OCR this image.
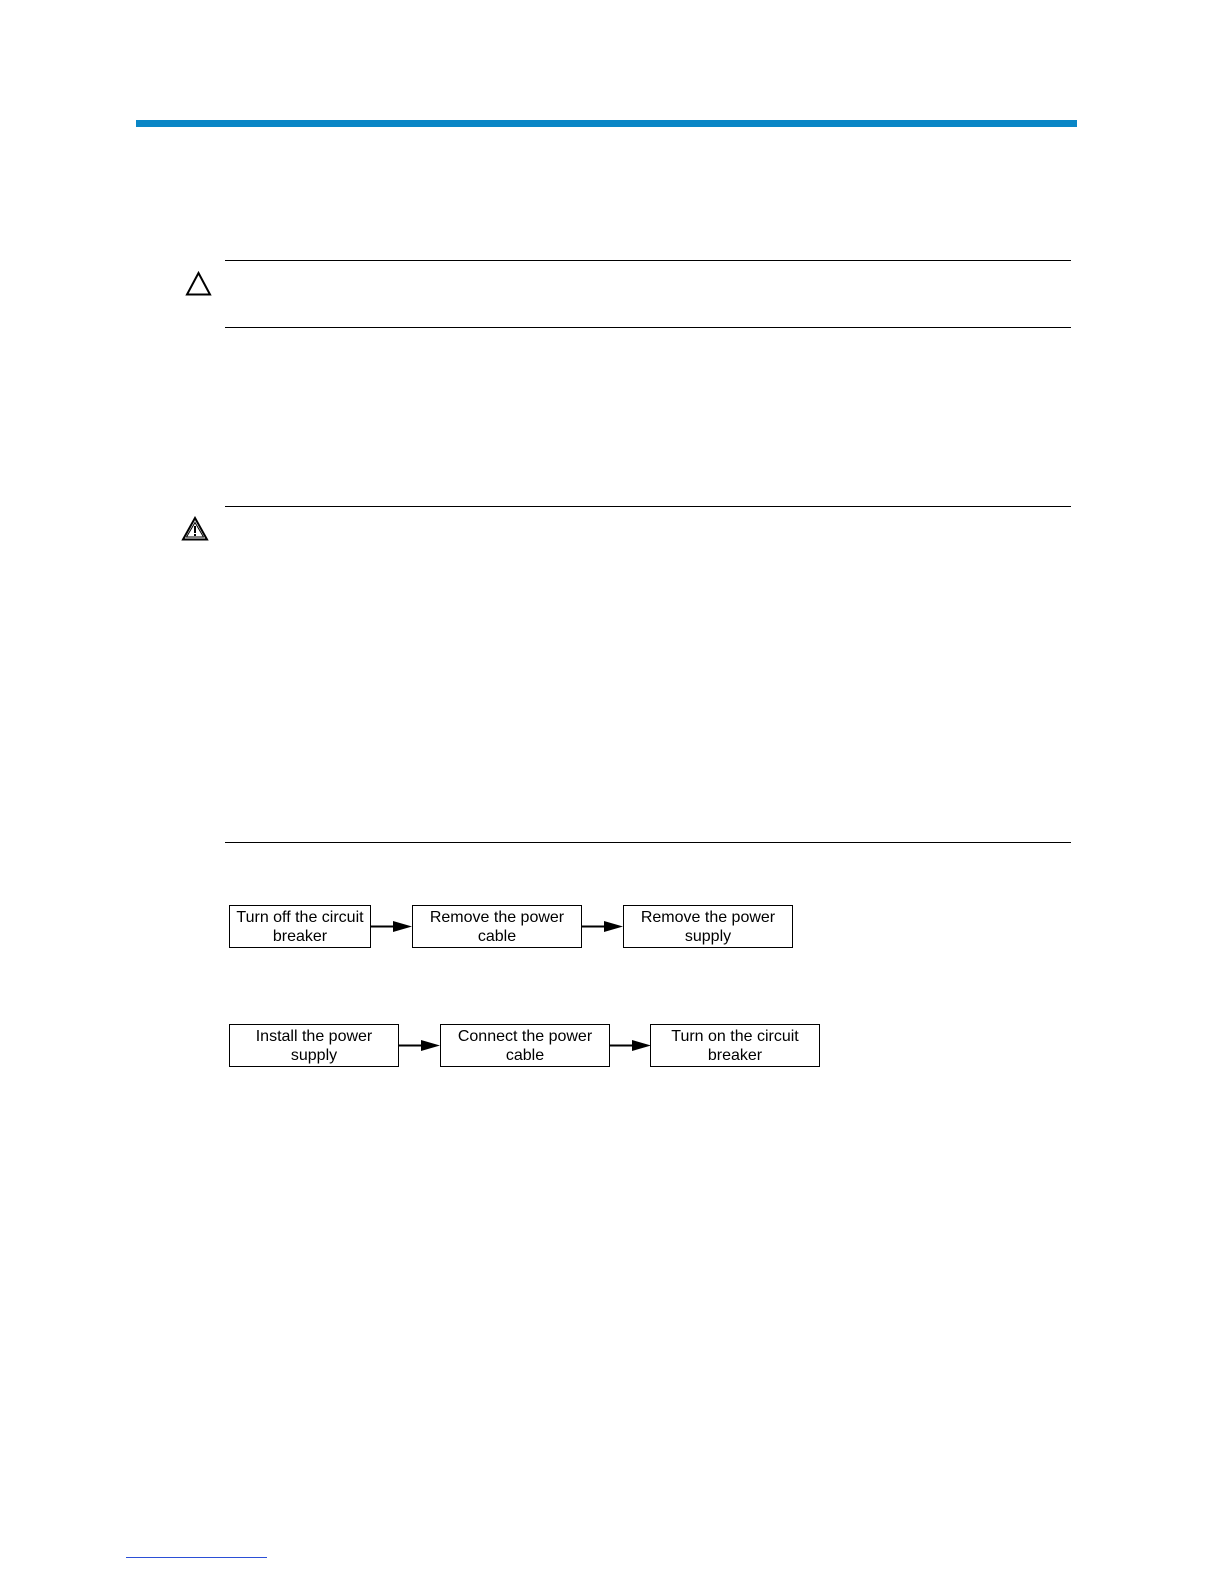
Turn off the circuit breaker
Remove the power cable
Remove the power supply
Install the power supply
Connect the power cable
Turn on the circuit breaker
